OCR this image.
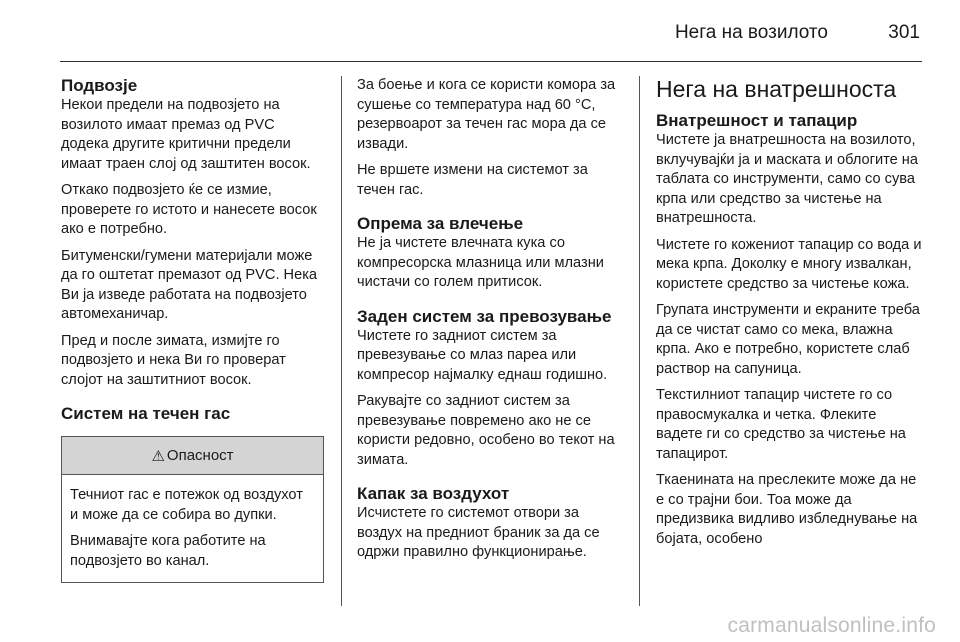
Нега на возилото	301
Подвозје

Некои предели на подвозјето на возилото имаат премаз од PVC додека другите критични предели имаат траен слој од заштитен восок.

Откако подвозјето ќе се измие, проверете го истото и нанесете восок ако е потребно.

Битуменски/гумени материјали може да го оштетат премазот од PVC. Нека Ви ја изведе работата на подвозјето автомеханичар.

Пред и после зимата, измијте го подвозјето и нека Ви го проверат слојот на заштитниот восок.

Систем на течен гас
⚠ Опасност

Течниот гас е потежок од воздухот и може да се собира во дупки.

Внимавајте кога работите на подвозјето во канал.

За боење и кога се користи комора за сушење со температура над 60 °C, резервоарот за течен гас мора да се извади.

Не вршете измени на системот за течен гас.

Опрема за влечење

Не ја чистете влечната кука со компресорска млазница или млазни чистачи со голем притисок.

Заден систем за превозување

Чистете го задниот систем за превезување со млаз пареа или компресор најмалку еднаш годишно.

Ракувајте со задниот систем за превезување повремено ако не се користи редовно, особено во текот на зимата.

Капак за воздухот

Исчистете го системот отвори за воздух на предниот браник за да се одржи правилно функционирање.

Нега на внатрешноста
Внатрешност и тапацир

Чистете ја внатрешноста на возилото, вклучувајќи ја и маската и облогите на таблата со инструменти, само со сува крпа или средство за чистење на внатрешноста.

Чистете го кожениот тапацир со вода и мека крпа. Доколку е многу извалкан, користете средство за чистење кожа.

Групата инструменти и екраните треба да се чистат само со мека, влажна крпа. Ако е потребно, користете слаб раствор на сапуница.

Текстилниот тапацир чистете го со правосмукалка и четка. Флеките вадете ги со средство за чистење на тапацирот.

Ткаенината на преслеките може да не е со трајни бои. Тоа може да предизвика видливо избледнување на бојата, особено

carmanualsonline.info
